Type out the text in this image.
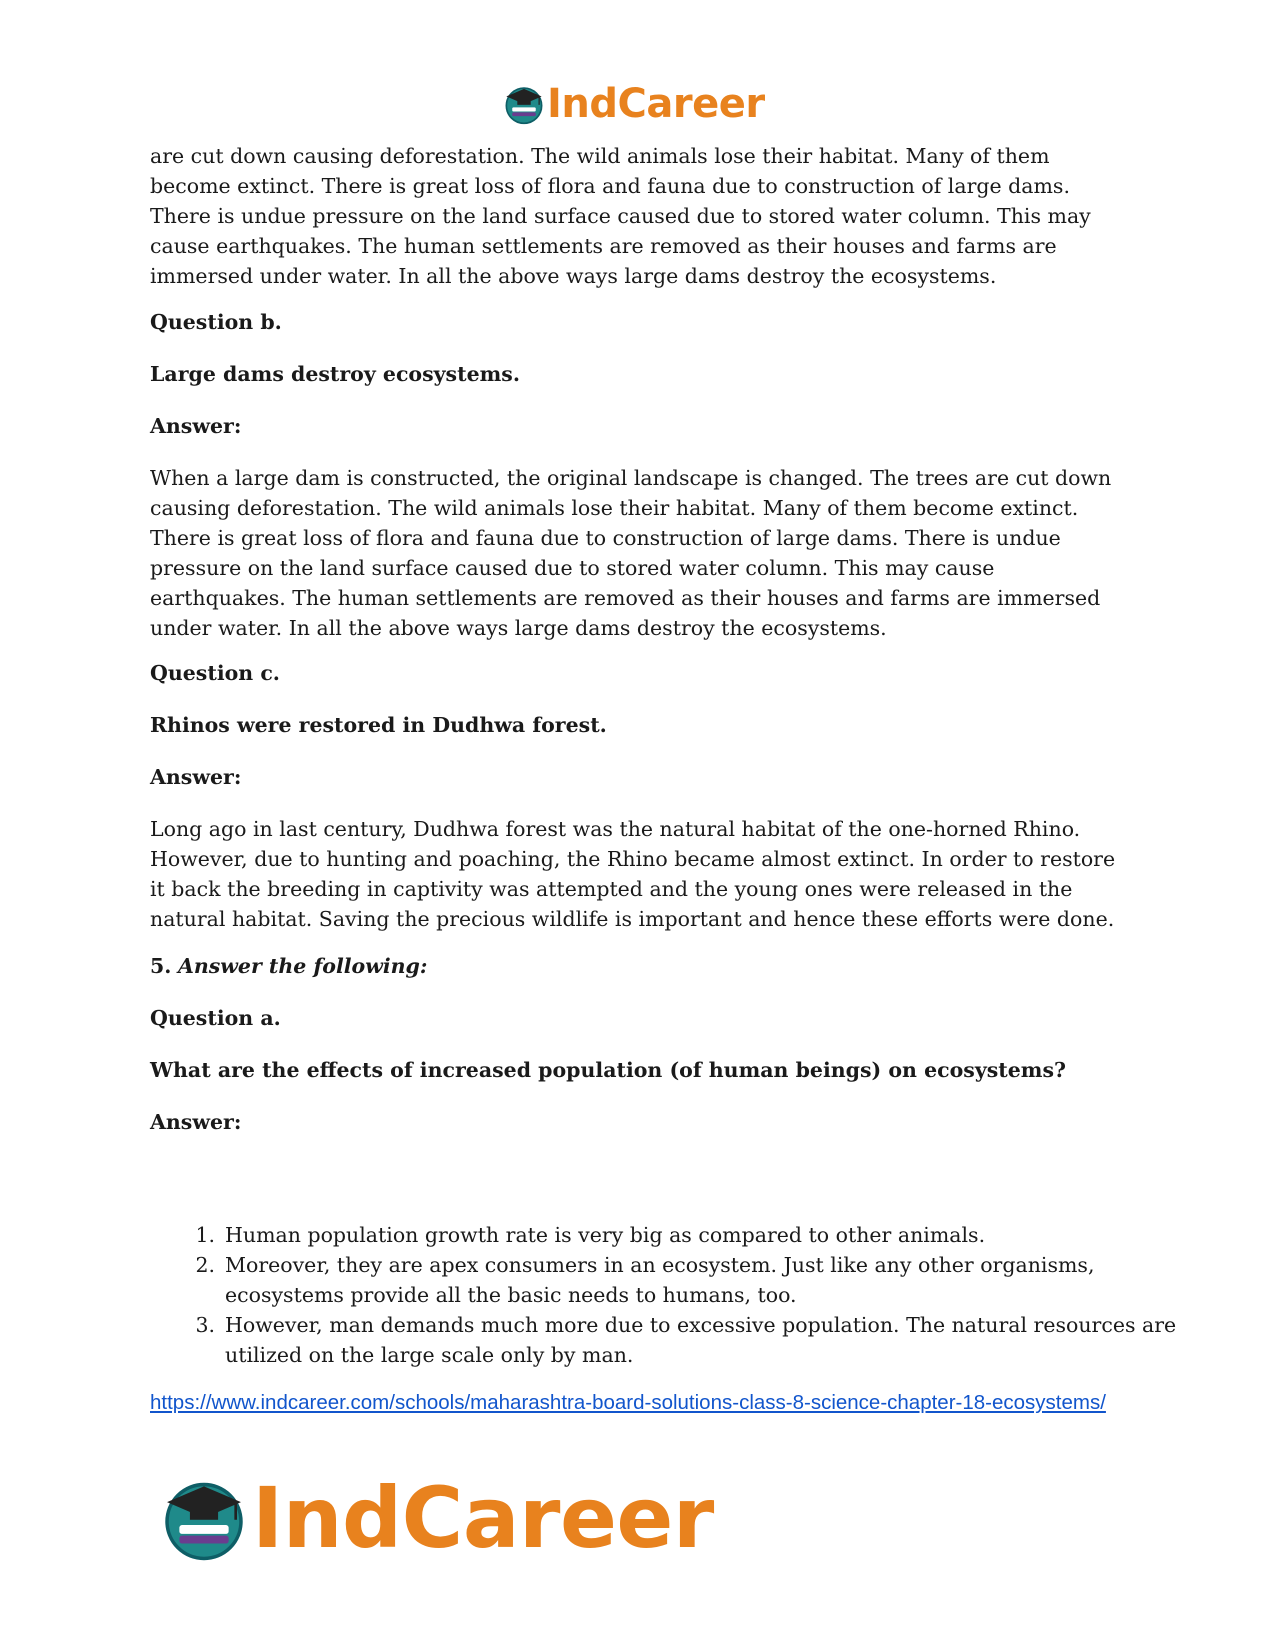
IndCareer

are cut down causing deforestation. The wild animals lose their habitat. Many of them become extinct. There is great loss of flora and fauna due to construction of large dams. There is undue pressure on the land surface caused due to stored water column. This may cause earthquakes. The human settlements are removed as their houses and farms are immersed under water. In all the above ways large dams destroy the ecosystems.

Question b.

Large dams destroy ecosystems.

Answer:

When a large dam is constructed, the original landscape is changed. The trees are cut down causing deforestation. The wild animals lose their habitat. Many of them become extinct. There is great loss of flora and fauna due to construction of large dams. There is undue pressure on the land surface caused due to stored water column. This may cause earthquakes. The human settlements are removed as their houses and farms are immersed under water. In all the above ways large dams destroy the ecosystems.

Question c.

Rhinos were restored in Dudhwa forest.

Answer:

Long ago in last century, Dudhwa forest was the natural habitat of the one-horned Rhino. However, due to hunting and poaching, the Rhino became almost extinct. In order to restore it back the breeding in captivity was attempted and the young ones were released in the natural habitat. Saving the precious wildlife is important and hence these efforts were done.

5. Answer the following:

Question a.

What are the effects of increased population (of human beings) on ecosystems?

Answer:

1. Human population growth rate is very big as compared to other animals.
2. Moreover, they are apex consumers in an ecosystem. Just like any other organisms, ecosystems provide all the basic needs to humans, too.
3. However, man demands much more due to excessive population. The natural resources are utilized on the large scale only by man.
https://www.indcareer.com/schools/maharashtra-board-solutions-class-8-science-chapter-18-ecosystems/
IndCareer
